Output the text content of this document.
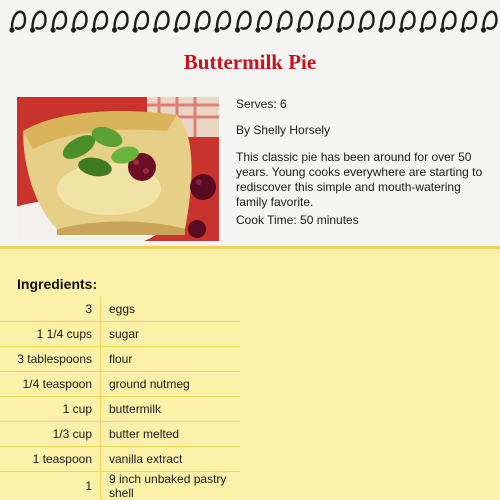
Buttermilk Pie

Serves: 6

By Shelly Horsely

This classic pie has been around for over 50 years. Young cooks everywhere are starting to rediscover this simple and mouth-watering family favorite.

Cook Time: 50 minutes

Ingredients:
3	eggs
1 1/4 cups	sugar
3 tablespoons	flour
1/4 teaspoon	ground nutmeg
1 cup	buttermilk
1/3 cup	butter melted
1 teaspoon	vanilla extract
1	9 inch unbaked pastry shell
